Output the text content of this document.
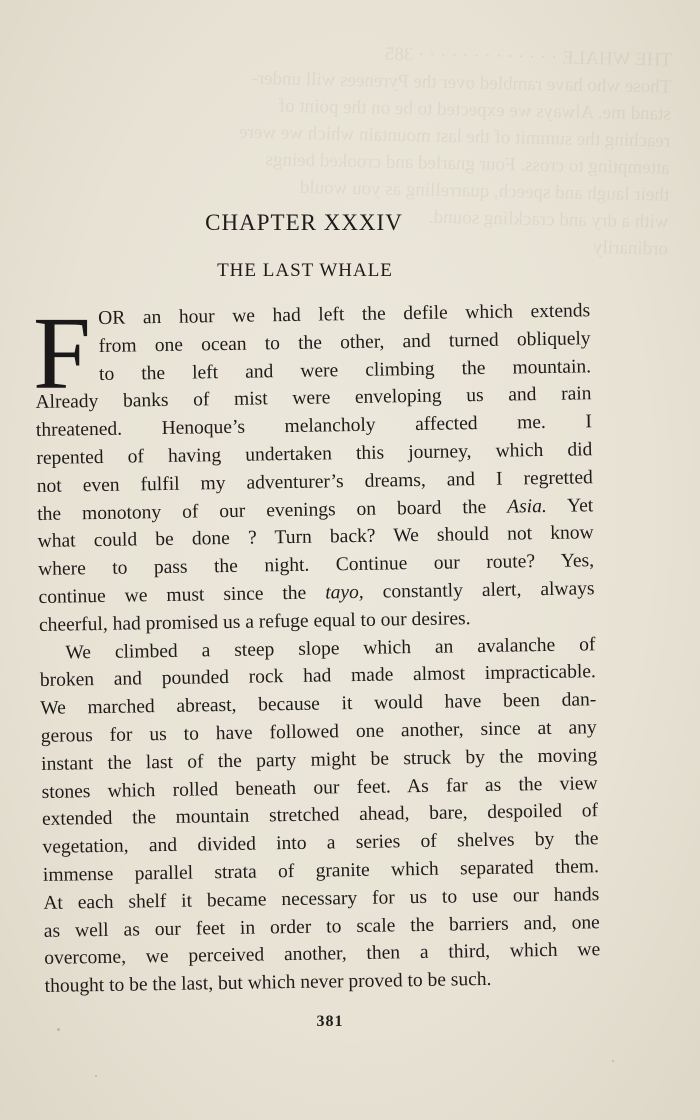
THE WHALE · · · · · · · · · · · · · 385
Those who have rambled over the Pyrenees will under-
stand me. Always we expected to be on the point of
reaching the summit of the last mountain which we were
attempting to cross. Four gnarled and crooked beings
their laugh and speech, quarrelling as you would
with a dry and crackling sound.
ordinarily
CHAPTER XXXIV
THE LAST WHALE
F OR an hour we had left the defile which extends
from one ocean to the other, and turned obliquely
to the left and were climbing the mountain.
Already banks of mist were enveloping us and rain
threatened. Henoque’s melancholy affected me. I
repented of having undertaken this journey, which did
not even fulfil my adventurer’s dreams, and I regretted
the monotony of our evenings on board the Asia. Yet
what could be done ? Turn back? We should not know
where to pass the night. Continue our route? Yes,
continue we must since the tayo, constantly alert, always
cheerful, had promised us a refuge equal to our desires.
We climbed a steep slope which an avalanche of
broken and pounded rock had made almost impracticable.
We marched abreast, because it would have been dan-
gerous for us to have followed one another, since at any
instant the last of the party might be struck by the moving
stones which rolled beneath our feet. As far as the view
extended the mountain stretched ahead, bare, despoiled of
vegetation, and divided into a series of shelves by the
immense parallel strata of granite which separated them.
At each shelf it became necessary for us to use our hands
as well as our feet in order to scale the barriers and, one
overcome, we perceived another, then a third, which we
thought to be the last, but which never proved to be such.
381
